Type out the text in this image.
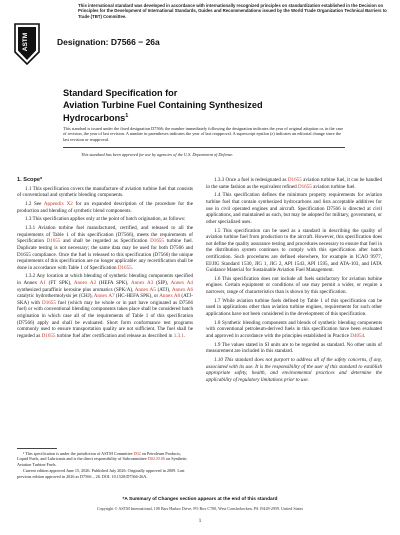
This international standard was developed in accordance with internationally recognized principles on standardization established in the Decision on Principles for the Development of International Standards, Guides and Recommendations issued by the World Trade Organization Technical Barriers to Trade (TBT) Committee.
ASTM	Designation: D7566 − 26a
Standard Specification for
Aviation Turbine Fuel Containing Synthesized
Hydrocarbons$^1$
This standard is issued under the fixed designation D7566; the number immediately following the designation indicates the year of original adoption or, in the case of revision, the year of last revision. A number in parentheses indicates the year of last reapproval. A superscript epsilon (ε) indicates an editorial change since the last revision or reapproval.
This standard has been approved for use by agencies of the U.S. Department of Defense.

1. Scope*

1.1 This specification covers the manufacture of aviation turbine fuel that consists of conventional and synthetic blending components.

1.2 See Appendix X2 for an expanded description of the procedure for the production and blending of synthetic blend components.

1.3 This specification applies only at the point of batch origination, as follows:

1.3.1 Aviation turbine fuel manufactured, certified, and released to all the requirements of Table 1 of this specification (D7566), meets the requirements of Specification D1655 and shall be regarded as Specification D1655 turbine fuel. Duplicate testing is not necessary; the same data may be used for both D7566 and D1655 compliance. Once the fuel is released to this specification (D7566) the unique requirements of this specification are no longer applicable: any recertification shall be done in accordance with Table 1 of Specification D1655.

1.3.2 Any location at which blending of synthetic blending components specified in Annex A1 (FT SPK), Annex A2 (HEFA SPK), Annex A3 (SIP), Annex A4 synthesized paraffinic kerosine plus aromatics (SPK/A), Annex A5 (ATJ), Annex A6 catalytic hydrothermolysis jet (CHJ), Annex A7 (HC-HEFA SPK), or Annex A8 (ATJ-SKA) with D1655 fuel (which may be whole or in part have originated as D7566 fuel) or with conventional blending components takes place shall be considered batch origination in which case all of the requirements of Table 1 of this specification (D7566) apply and shall be evaluated. Short form conformance test programs commonly used to ensure transportation quality are not sufficient. The fuel shall be regarded as D1655 turbine fuel after certification and release as described in 1.3.1.

1.3.3 Once a fuel is redesignated as D1655 aviation turbine fuel, it can be handled in the same fashion as the equivalent refined D1655 aviation turbine fuel.

1.4 This specification defines the minimum property requirements for aviation turbine fuel that contain synthesized hydrocarbons and lists acceptable additives for use in civil operated engines and aircraft. Specification D7566 is directed at civil applications, and maintained as such, but may be adopted for military, government, or other specialized uses.

1.5 This specification can be used as a standard in describing the quality of aviation turbine fuel from production to the aircraft. However, this specification does not define the quality assurance testing and procedures necessary to ensure that fuel in the distribution system continues to comply with this specification after batch certification. Such procedures are defined elsewhere, for example in ICAO 9977, EI/JIG Standard 1530, JIG 1, JIG 2, API 1543, API 1595, and ATA-103, and IATA Guidance Material for Sustainable Aviation Fuel Management.

1.6 This specification does not include all fuels satisfactory for aviation turbine engines. Certain equipment or conditions of use may permit a wider, or require a narrower, range of characteristics than is shown by this specification.

1.7 While aviation turbine fuels defined by Table 1 of this specification can be used in applications other than aviation turbine engines, requirements for such other applications have not been considered in the development of this specification.

1.8 Synthetic blending components and blends of synthetic blending components with conventional petroleum-derived fuels in this specification have been evaluated and approved in accordance with the principles established in Practice D4054.

1.9 The values stated in SI units are to be regarded as standard. No other units of measurement are included in this standard.

1.10 This standard does not purport to address all of the safety concerns, if any, associated with its use. It is the responsibility of the user of this standard to establish appropriate safety, health, and environmental practices and determine the applicability of regulatory limitations prior to use.

¹ This specification is under the jurisdiction of ASTM Committee D02 on Petroleum Products, Liquid Fuels, and Lubricants and is the direct responsibility of Subcommittee D02.J0.06 on Synthetic Aviation Turbine Fuels.

Current edition approved June 15, 2026. Published July 2026. Originally approved in 2009. Last previous edition approved in 2026 as D7566 – 26. DOI: 10.1520/D7566-26A.

*A Summary of Changes section appears at the end of this standard
Copyright © ASTM International, 100 Barr Harbor Drive, PO Box C700, West Conshohocken, PA 19428-2959. United States
1
